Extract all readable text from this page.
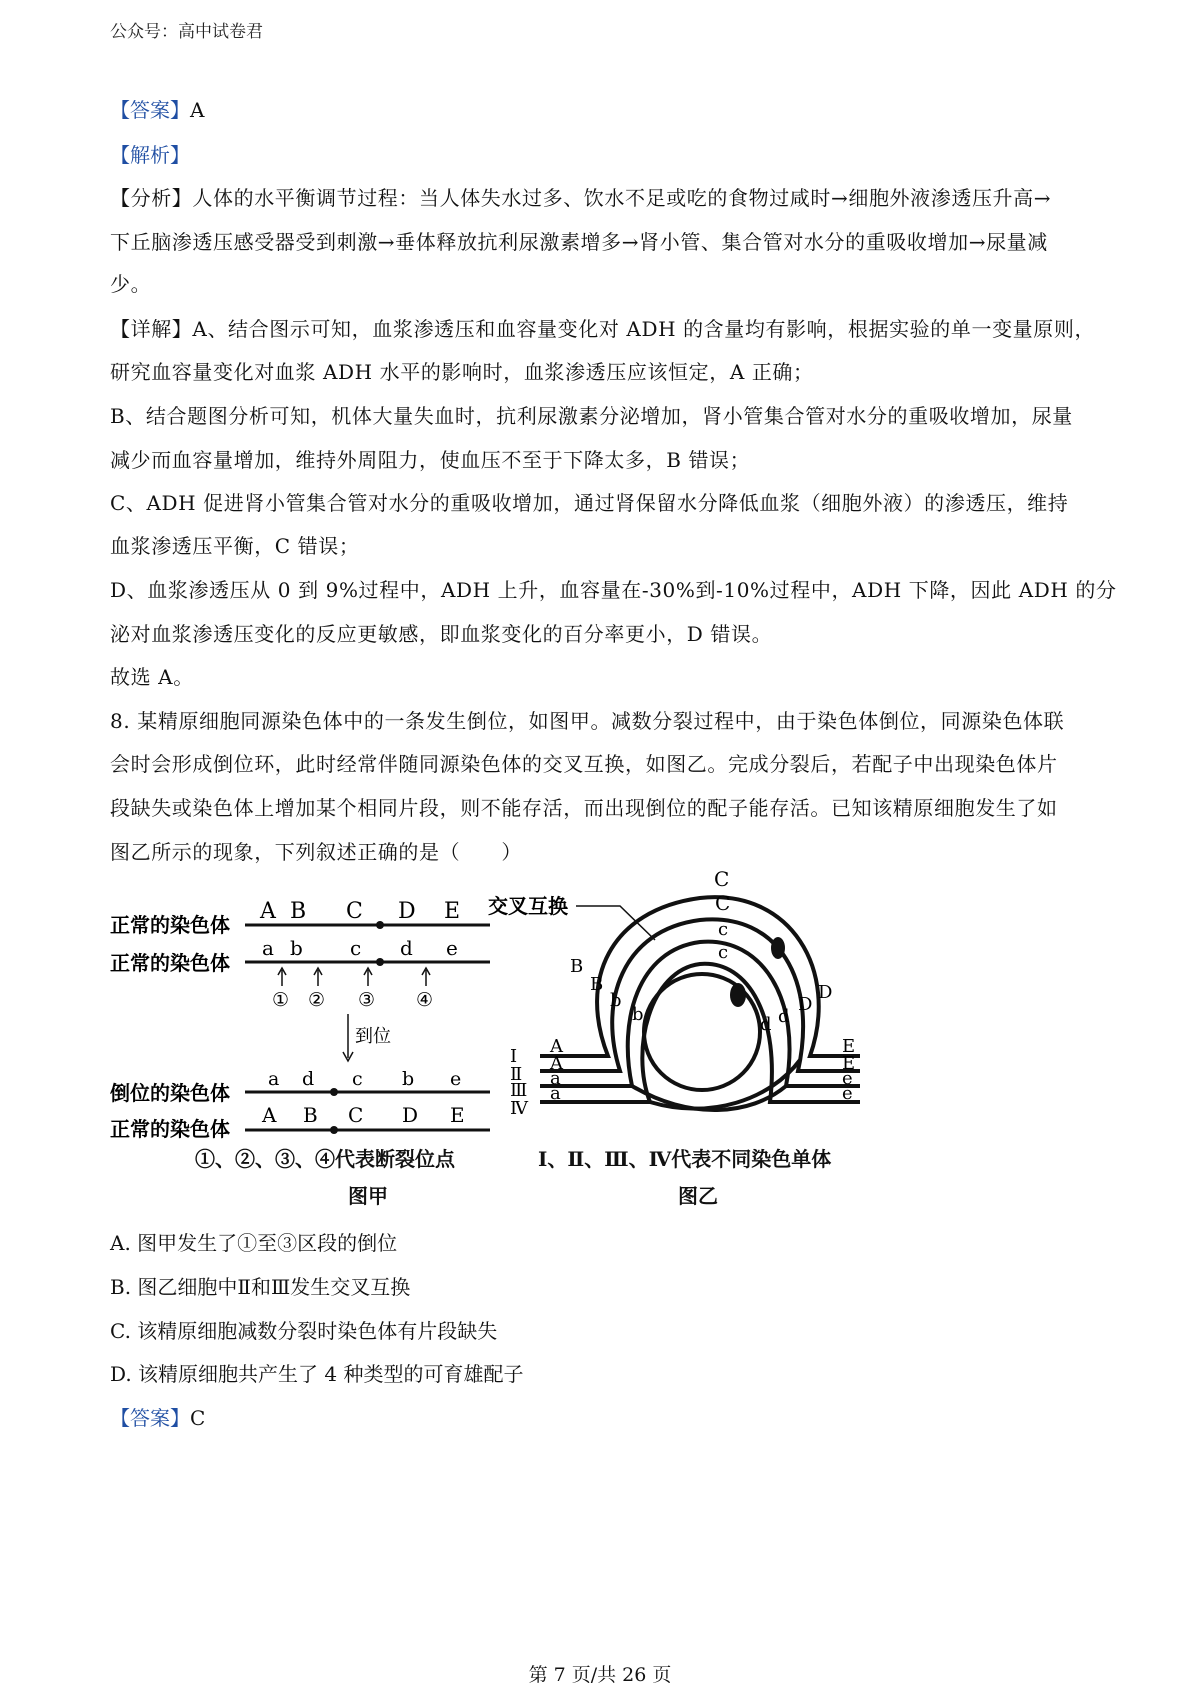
公众号：高中试卷君
【答案】A
【解析】
【分析】人体的水平衡调节过程：当人体失水过多、饮水不足或吃的食物过咸时→细胞外液渗透压升高→
下丘脑渗透压感受器受到刺激→垂体释放抗利尿激素增多→肾小管、集合管对水分的重吸收增加→尿量减
少。
【详解】A、结合图示可知，血浆渗透压和血容量变化对 ADH 的含量均有影响，根据实验的单一变量原则，
研究血容量变化对血浆 ADH 水平的影响时，血浆渗透压应该恒定，A 正确；
B、结合题图分析可知，机体大量失血时，抗利尿激素分泌增加，肾小管集合管对水分的重吸收增加，尿量
减少而血容量增加，维持外周阻力，使血压不至于下降太多，B 错误；
C、ADH 促进肾小管集合管对水分的重吸收增加，通过肾保留水分降低血浆（细胞外液）的渗透压，维持
血浆渗透压平衡，C 错误；
D、血浆渗透压从 0 到 9%过程中，ADH 上升，血容量在-30%到-10%过程中，ADH 下降，因此 ADH 的分
泌对血浆渗透压变化的反应更敏感，即血浆变化的百分率更小，D 错误。
故选 A。
8. 某精原细胞同源染色体中的一条发生倒位，如图甲。减数分裂过程中，由于染色体倒位，同源染色体联
会时会形成倒位环，此时经常伴随同源染色体的交叉互换，如图乙。完成分裂后，若配子中出现染色体片
段缺失或染色体上增加某个相同片段，则不能存活，而出现倒位的配子能存活。已知该精原细胞发生了如
图乙所示的现象，下列叙述正确的是（　　）
正常的染色体
A B C D E
正常的染色体
a b c d e
① ② ③ ④
到位
倒位的染色体
a d c b e
正常的染色体
A B C D E
交叉互换
C
C
c
c
B
B
b
b
D
D
d
d
Ⅰ
Ⅱ
Ⅲ
Ⅳ
A
A
a
a
E
E
e
e
①、②、③、④代表断裂位点
图甲
Ⅰ、Ⅱ、Ⅲ、Ⅳ代表不同染色单体
图乙
A. 图甲发生了①至③区段的倒位
B. 图乙细胞中Ⅱ和Ⅲ发生交叉互换
C. 该精原细胞减数分裂时染色体有片段缺失
D. 该精原细胞共产生了 4 种类型的可育雄配子
【答案】C
第 7 页/共 26 页
